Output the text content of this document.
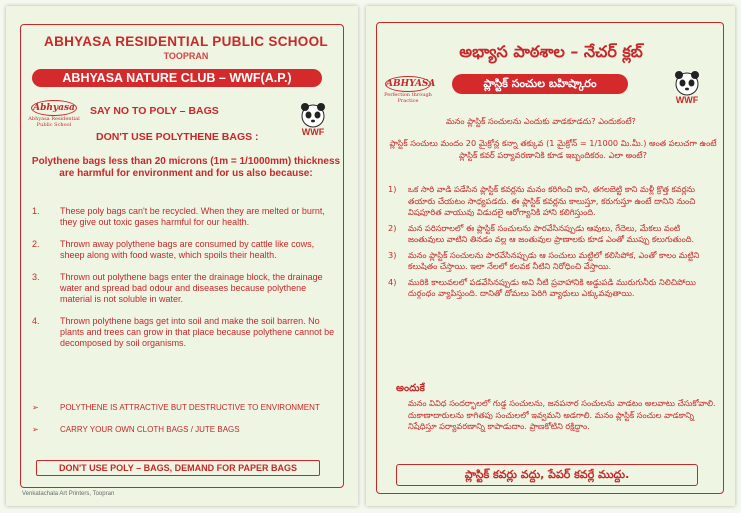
ABHYASA RESIDENTIAL PUBLIC SCHOOL
TOOPRAN
ABHYASA NATURE CLUB – WWF(A.P.)
Abhyasa
Abhyasa Residential Public School
WWF
SAY NO TO POLY – BAGS
DON'T USE POLYTHENE BAGS :
Polythene bags less than 20 microns (1m = 1/1000mm) thickness are harmful for environment and for us also because:
1. These poly bags can't be recycled. When they are melted or burnt, they give out toxic gases harmful for our health.
2. Thrown away polythene bags are consumed by cattle like cows, sheep along with food waste, which spoils their health.
3. Thrown out polythene bags enter the drainage block, the drainage water and spread bad odour and diseases because polythene material is not soluble in water.
4. Thrown polythene bags get into soil and make the soil barren. No plants and trees can grow in that place because polythene cannot be decomposed by soil organisms.
➢	POLYTHENE IS ATTRACTIVE BUT DESTRUCTIVE TO ENVIRONMENT
➢	CARRY YOUR OWN CLOTH BAGS / JUTE BAGS
DON'T USE POLY – BAGS, DEMAND FOR PAPER BAGS
Venkatachala Art Printers, Toopran
అభ్యాస పాఠశాల – నేచర్ క్లబ్
ABHYASA
Perfection through Practice
ప్లాస్టిక్ సంచుల బహిష్కారం
WWF
మనం ప్లాస్టిక్ సంచులను ఎందుకు వాడకూడదు? ఎందుకంటే?
ప్లాస్టిక్ సంచులు మందం 20 మైక్రోన్ల కన్నా తక్కువ (1 మైక్రోన్ = 1/1000 మి.మీ.) అంత పలుచగా ఉంటే ప్లాస్టిక్ కవర్ పర్యావరణానికి కూడ ఇబ్బందికరం. ఎలా అంటే?
1) ఒక సారి వాడి పడేసిన ప్లాస్టిక్ కవర్లను మనం కరిగించి కాని, తగలబెట్టి కాని మళ్లీ క్రొత్త కవర్లను తయారు చేయటం సాధ్యపడదు. ఈ ప్లాస్టిక్ కవర్లను కాలుస్తూ, కరుగుస్తూ ఉంటే దానిని నుంచి విషపూరిత వాయువు విడుదలై ఆరోగ్యానికి హాని కలిగిస్తుంది.
2) మన పరిసరాలలో ఈ ప్లాస్టిక్ సంచులను పారవేసినప్పుడు ఆవులు, గేదెలు, మేకలు వంటి జంతువులు వాటిని తినడం వల్ల ఆ జంతువుల ప్రాణాలకు కూడ ఎంతో ముప్పు కలుగుతుంది.
3) మనం ప్లాస్టిక్ సంచులను పారవేసినప్పుడు ఆ సంచులు మట్టిలో కలిసిపోక, ఎంతో కాలం మట్టిని కలుషితం చేస్తాయి. ఇలా నేలలో కలవక నీటిని నిరోధించి వేస్తాయి.
4) మురికి కాలువలలో పడవేసినప్పుడు అవి నీటి ప్రవాహానికి అడ్డుపడి మురుగునీరు నిలిచిపోయి దుర్గంధం వ్యాపిస్తుంది. దానితో దోమలు పెరిగి వ్యాధులు ఎక్కువవుతాయి.
అందుకే
మనం వివిధ సందర్భాలలో గుడ్డ సంచులను, జనపనార సంచులను వాడటం అలవాటు చేసుకోవాలి. దుకాణాదారులను కాగితపు సంచులలో ఇవ్వమని అడగాలి. మనం ప్లాస్టిక్ సంచుల వాడకాన్ని నిషేధిస్తూ పర్యావరణాన్ని కాపాడుదాం. ప్రాణకోటిని రక్షిద్దాం.
ప్లాస్టిక్ కవర్లు వద్దు, పేపర్ కవర్లే ముద్దు.
